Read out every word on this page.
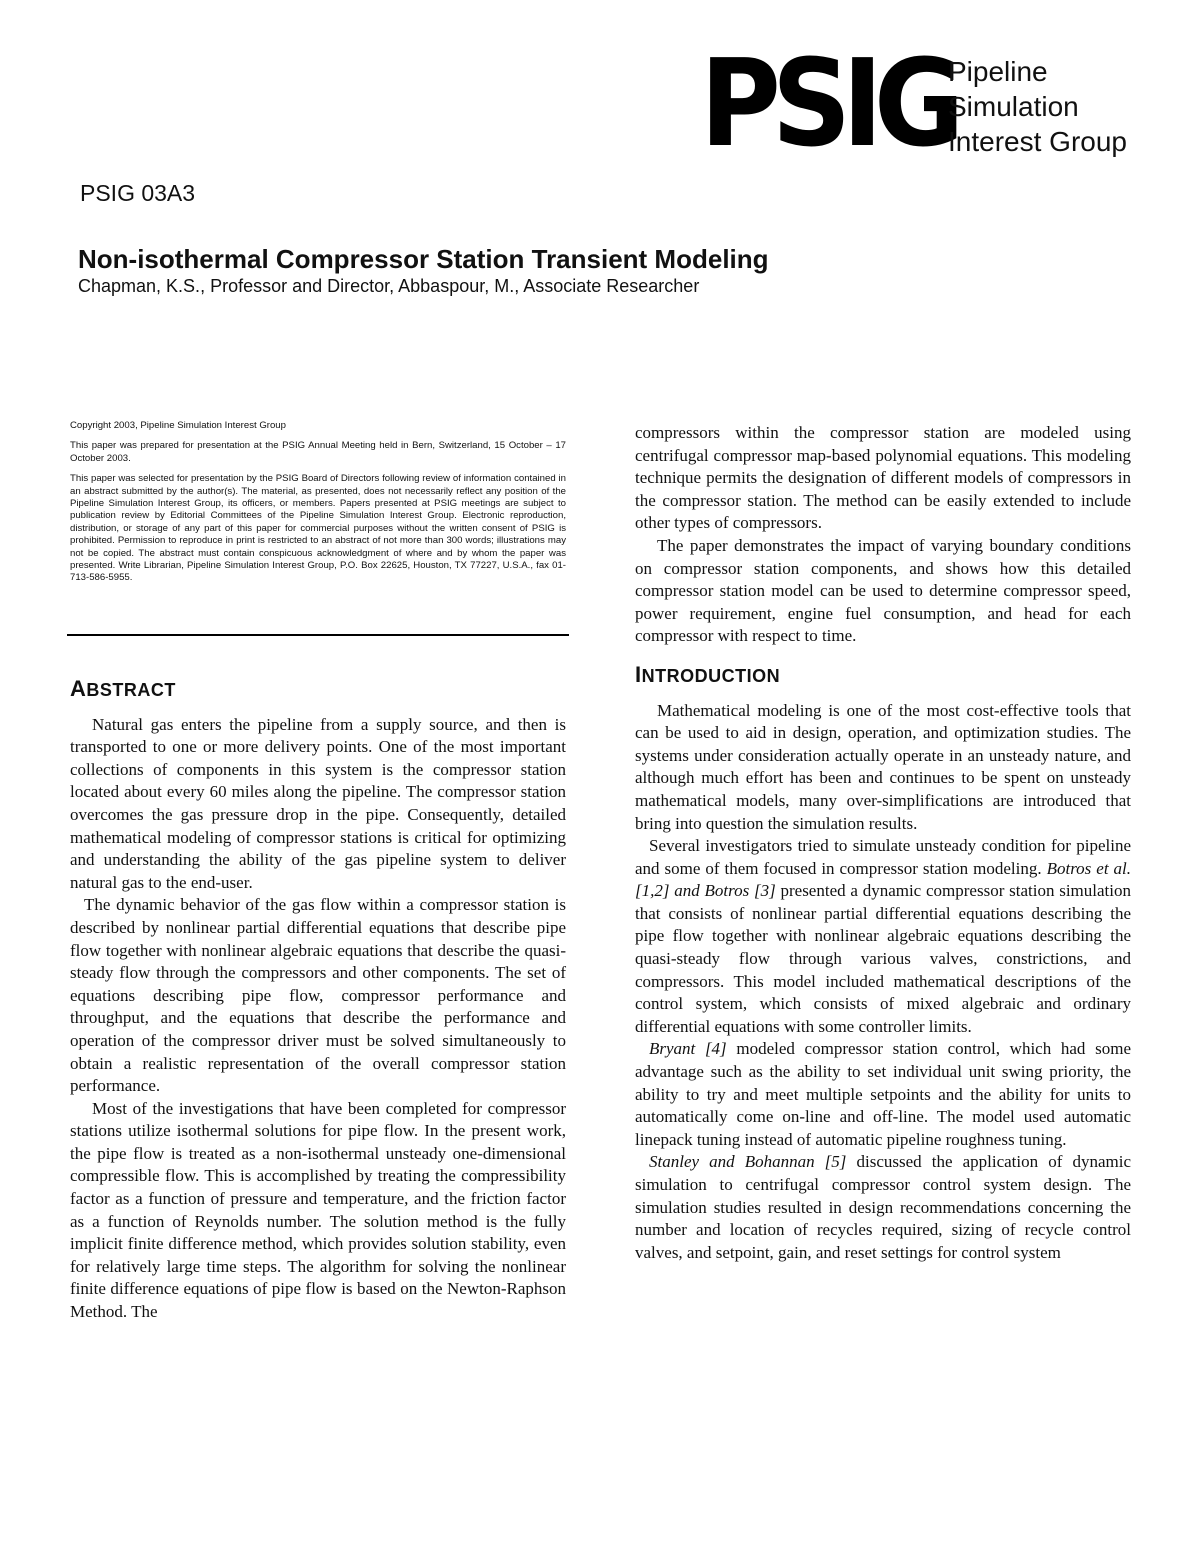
PSIG
Pipeline
Simulation
Interest Group
PSIG 03A3
Non-isothermal Compressor Station Transient Modeling
Chapman, K.S., Professor and Director, Abbaspour, M., Associate Researcher

Copyright 2003, Pipeline Simulation Interest Group

This paper was prepared for presentation at the PSIG Annual Meeting held in Bern, Switzerland, 15 October – 17 October 2003.

This paper was selected for presentation by the PSIG Board of Directors following review of information contained in an abstract submitted by the author(s). The material, as presented, does not necessarily reflect any position of the Pipeline Simulation Interest Group, its officers, or members. Papers presented at PSIG meetings are subject to publication review by Editorial Committees of the Pipeline Simulation Interest Group. Electronic reproduction, distribution, or storage of any part of this paper for commercial purposes without the written consent of PSIG is prohibited. Permission to reproduce in print is restricted to an abstract of not more than 300 words; illustrations may not be copied. The abstract must contain conspicuous acknowledgment of where and by whom the paper was presented. Write Librarian, Pipeline Simulation Interest Group, P.O. Box 22625, Houston, TX 77227, U.S.A., fax 01-713-586-5955.

ABSTRACT

Natural gas enters the pipeline from a supply source, and then is transported to one or more delivery points. One of the most important collections of components in this system is the compressor station located about every 60 miles along the pipeline. The compressor station overcomes the gas pressure drop in the pipe. Consequently, detailed mathematical modeling of compressor stations is critical for optimizing and understanding the ability of the gas pipeline system to deliver natural gas to the end-user.

The dynamic behavior of the gas flow within a compressor station is described by nonlinear partial differential equations that describe pipe flow together with nonlinear algebraic equations that describe the quasi-steady flow through the compressors and other components. The set of equations describing pipe flow, compressor performance and throughput, and the equations that describe the performance and operation of the compressor driver must be solved simultaneously to obtain a realistic representation of the overall compressor station performance.

Most of the investigations that have been completed for compressor stations utilize isothermal solutions for pipe flow. In the present work, the pipe flow is treated as a non-isothermal unsteady one-dimensional compressible flow. This is accomplished by treating the compressibility factor as a function of pressure and temperature, and the friction factor as a function of Reynolds number. The solution method is the fully implicit finite difference method, which provides solution stability, even for relatively large time steps. The algorithm for solving the nonlinear finite difference equations of pipe flow is based on the Newton-Raphson Method. The

compressors within the compressor station are modeled using centrifugal compressor map-based polynomial equations. This modeling technique permits the designation of different models of compressors in the compressor station. The method can be easily extended to include other types of compressors.

The paper demonstrates the impact of varying boundary conditions on compressor station components, and shows how this detailed compressor station model can be used to determine compressor speed, power requirement, engine fuel consumption, and head for each compressor with respect to time.

INTRODUCTION

Mathematical modeling is one of the most cost-effective tools that can be used to aid in design, operation, and optimization studies. The systems under consideration actually operate in an unsteady nature, and although much effort has been and continues to be spent on unsteady mathematical models, many over-simplifications are introduced that bring into question the simulation results.

Several investigators tried to simulate unsteady condition for pipeline and some of them focused in compressor station modeling. Botros et al. [1,2] and Botros [3] presented a dynamic compressor station simulation that consists of nonlinear partial differential equations describing the pipe flow together with nonlinear algebraic equations describing the quasi-steady flow through various valves, constrictions, and compressors. This model included mathematical descriptions of the control system, which consists of mixed algebraic and ordinary differential equations with some controller limits.

Bryant [4] modeled compressor station control, which had some advantage such as the ability to set individual unit swing priority, the ability to try and meet multiple setpoints and the ability for units to automatically come on-line and off-line. The model used automatic linepack tuning instead of automatic pipeline roughness tuning.

Stanley and Bohannan [5] discussed the application of dynamic simulation to centrifugal compressor control system design. The simulation studies resulted in design recommendations concerning the number and location of recycles required, sizing of recycle control valves, and setpoint, gain, and reset settings for control system
